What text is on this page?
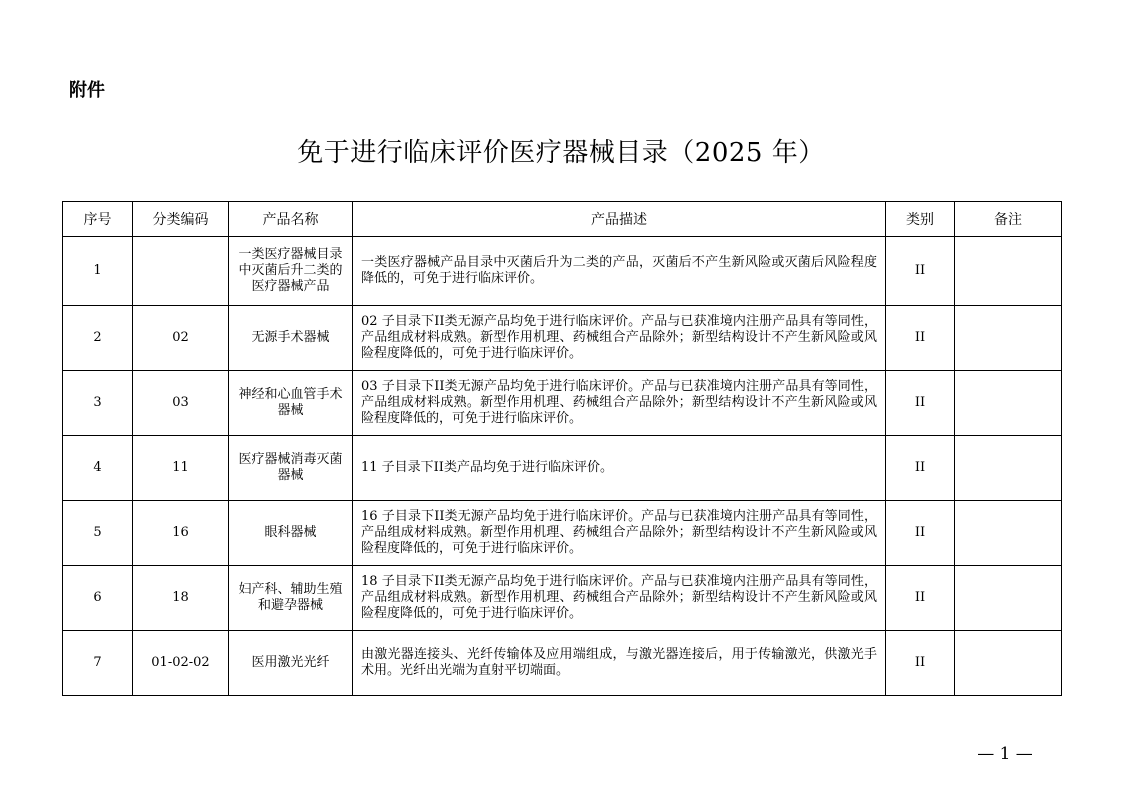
附件
免于进行临床评价医疗器械目录（2025 年）
序号	分类编码	产品名称	产品描述	类别	备注
1		一类医疗器械目录中灭菌后升二类的医疗器械产品	一类医疗器械产品目录中灭菌后升为二类的产品，灭菌后不产生新风险或灭菌后风险程度降低的，可免于进行临床评价。	II	
2	02	无源手术器械	02 子目录下II类无源产品均免于进行临床评价。产品与已获准境内注册产品具有等同性，产品组成材料成熟。新型作用机理、药械组合产品除外；新型结构设计不产生新风险或风险程度降低的，可免于进行临床评价。	II	
3	03	神经和心血管手术器械	03 子目录下II类无源产品均免于进行临床评价。产品与已获准境内注册产品具有等同性，产品组成材料成熟。新型作用机理、药械组合产品除外；新型结构设计不产生新风险或风险程度降低的，可免于进行临床评价。	II	
4	11	医疗器械消毒灭菌器械	11 子目录下II类产品均免于进行临床评价。	II	
5	16	眼科器械	16 子目录下II类无源产品均免于进行临床评价。产品与已获准境内注册产品具有等同性，产品组成材料成熟。新型作用机理、药械组合产品除外；新型结构设计不产生新风险或风险程度降低的，可免于进行临床评价。	II	
6	18	妇产科、辅助生殖和避孕器械	18 子目录下II类无源产品均免于进行临床评价。产品与已获准境内注册产品具有等同性，产品组成材料成熟。新型作用机理、药械组合产品除外；新型结构设计不产生新风险或风险程度降低的，可免于进行临床评价。	II	
7	01-02-02	医用激光光纤	由激光器连接头、光纤传输体及应用端组成，与激光器连接后，用于传输激光，供激光手术用。光纤出光端为直射平切端面。	II	
— 1 —
